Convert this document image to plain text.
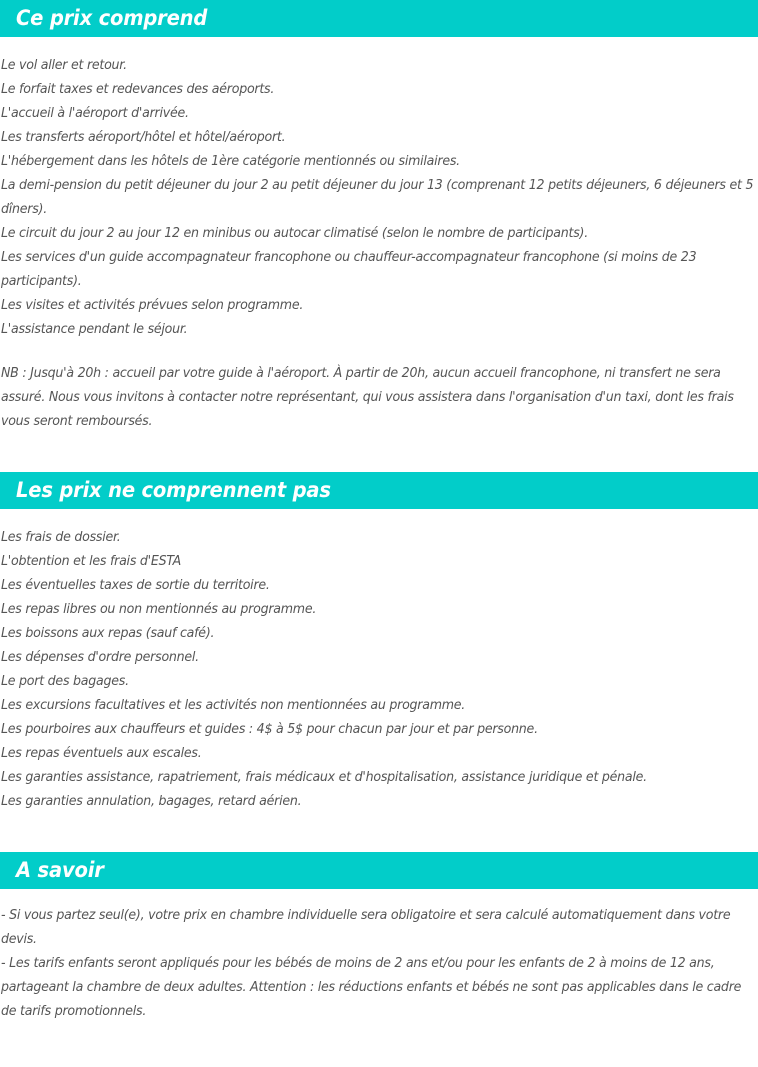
Ce prix comprend

Le vol aller et retour.

Le forfait taxes et redevances des aéroports.

L'accueil à l'aéroport d'arrivée.

Les transferts aéroport/hôtel et hôtel/aéroport.

L'hébergement dans les hôtels de 1ère catégorie mentionnés ou similaires.

La demi-pension du petit déjeuner du jour 2 au petit déjeuner du jour 13 (comprenant 12 petits déjeuners, 6 déjeuners et 5 dîners).

Le circuit du jour 2 au jour 12 en minibus ou autocar climatisé (selon le nombre de participants).

Les services d'un guide accompagnateur francophone ou chauffeur-accompagnateur francophone (si moins de 23 participants).

Les visites et activités prévues selon programme.

L'assistance pendant le séjour.

NB : Jusqu'à 20h : accueil par votre guide à l'aéroport. À partir de 20h, aucun accueil francophone, ni transfert ne sera assuré. Nous vous invitons à contacter notre représentant, qui vous assistera dans l'organisation d'un taxi, dont les frais vous seront remboursés.

Les prix ne comprennent pas

Les frais de dossier.

L'obtention et les frais d'ESTA

Les éventuelles taxes de sortie du territoire.

Les repas libres ou non mentionnés au programme.

Les boissons aux repas (sauf café).

Les dépenses d'ordre personnel.

Le port des bagages.

Les excursions facultatives et les activités non mentionnées au programme.

Les pourboires aux chauffeurs et guides : 4$ à 5$ pour chacun par jour et par personne.

Les repas éventuels aux escales.

Les garanties assistance, rapatriement, frais médicaux et d'hospitalisation, assistance juridique et pénale.

Les garanties annulation, bagages, retard aérien.

A savoir

- Si vous partez seul(e), votre prix en chambre individuelle sera obligatoire et sera calculé automatiquement dans votre devis.

- Les tarifs enfants seront appliqués pour les bébés de moins de 2 ans et/ou pour les enfants de 2 à moins de 12 ans, partageant la chambre de deux adultes. Attention : les réductions enfants et bébés ne sont pas applicables dans le cadre de tarifs promotionnels.
